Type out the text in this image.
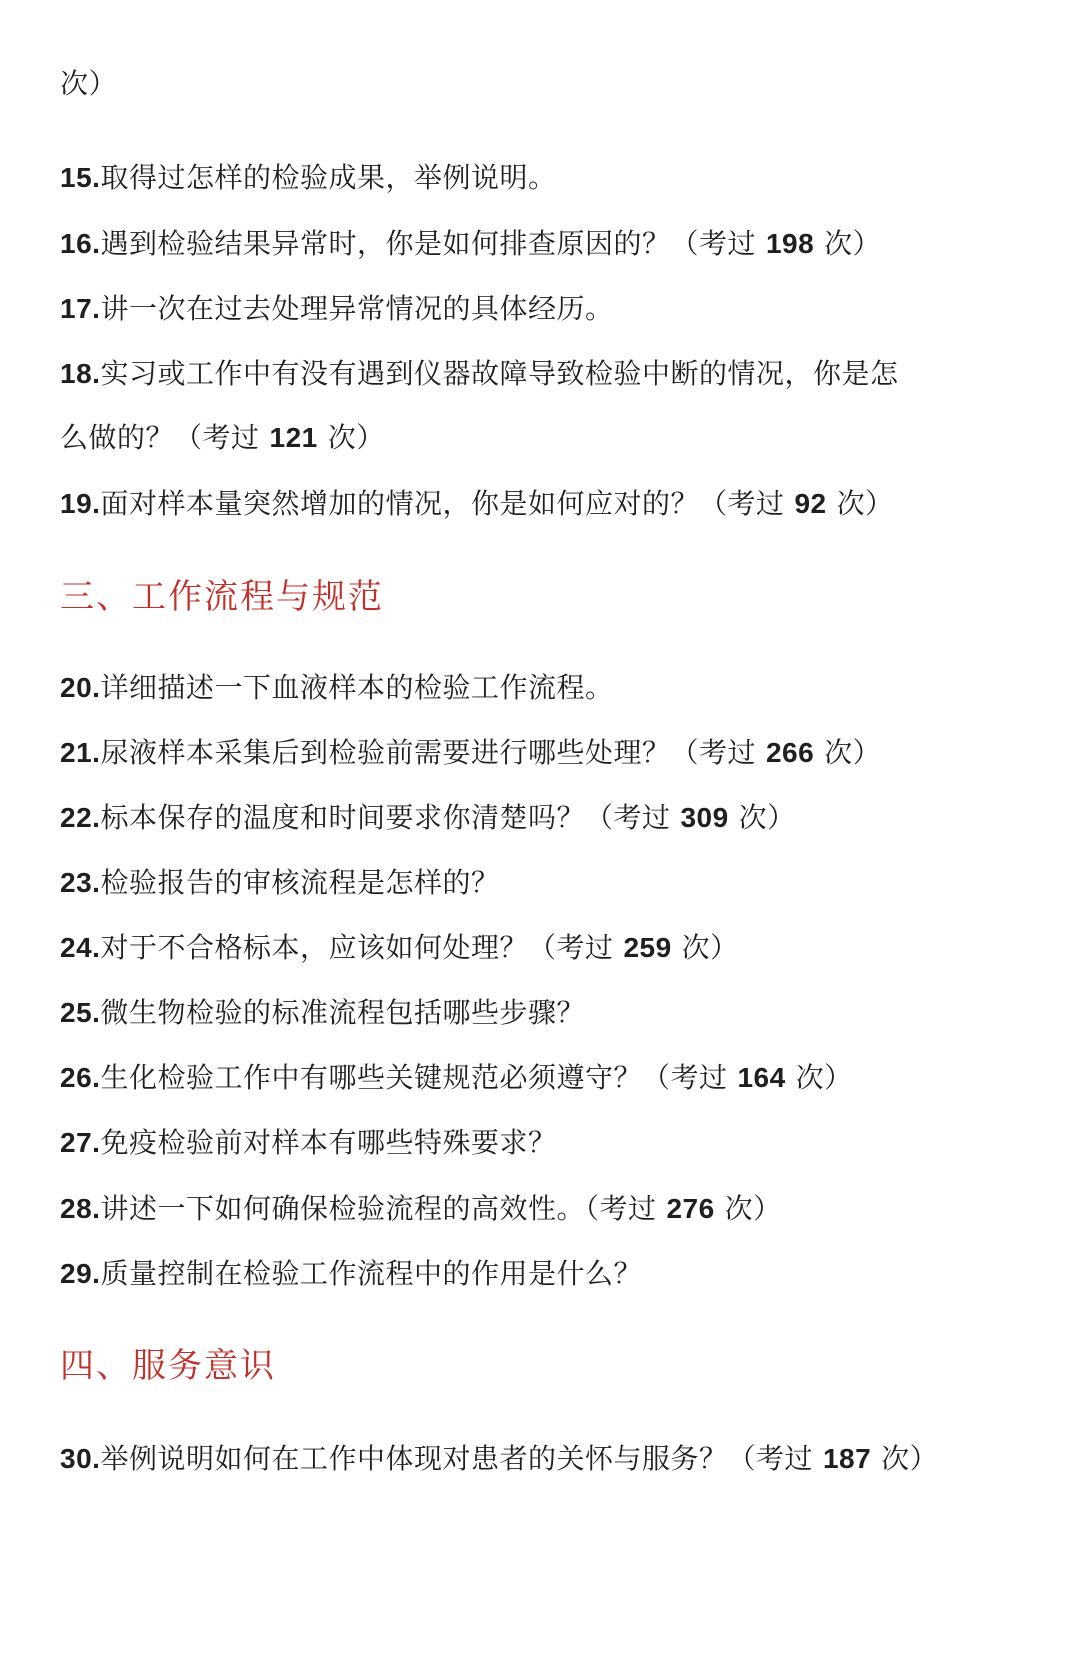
次）
15.取得过怎样的检验成果，举例说明。
16.遇到检验结果异常时，你是如何排查原因的？（考过 198 次）
17.讲一次在过去处理异常情况的具体经历。
18.实习或工作中有没有遇到仪器故障导致检验中断的情况，你是怎
么做的？（考过 121 次）
19.面对样本量突然增加的情况，你是如何应对的？（考过 92 次）
三、工作流程与规范
20.详细描述一下血液样本的检验工作流程。
21.尿液样本采集后到检验前需要进行哪些处理？（考过 266 次）
22.标本保存的温度和时间要求你清楚吗？（考过 309 次）
23.检验报告的审核流程是怎样的？
24.对于不合格标本，应该如何处理？（考过 259 次）
25.微生物检验的标准流程包括哪些步骤？
26.生化检验工作中有哪些关键规范必须遵守？（考过 164 次）
27.免疫检验前对样本有哪些特殊要求？
28.讲述一下如何确保检验流程的高效性。（考过 276 次）
29.质量控制在检验工作流程中的作用是什么？
四、服务意识
30.举例说明如何在工作中体现对患者的关怀与服务？（考过 187 次）
